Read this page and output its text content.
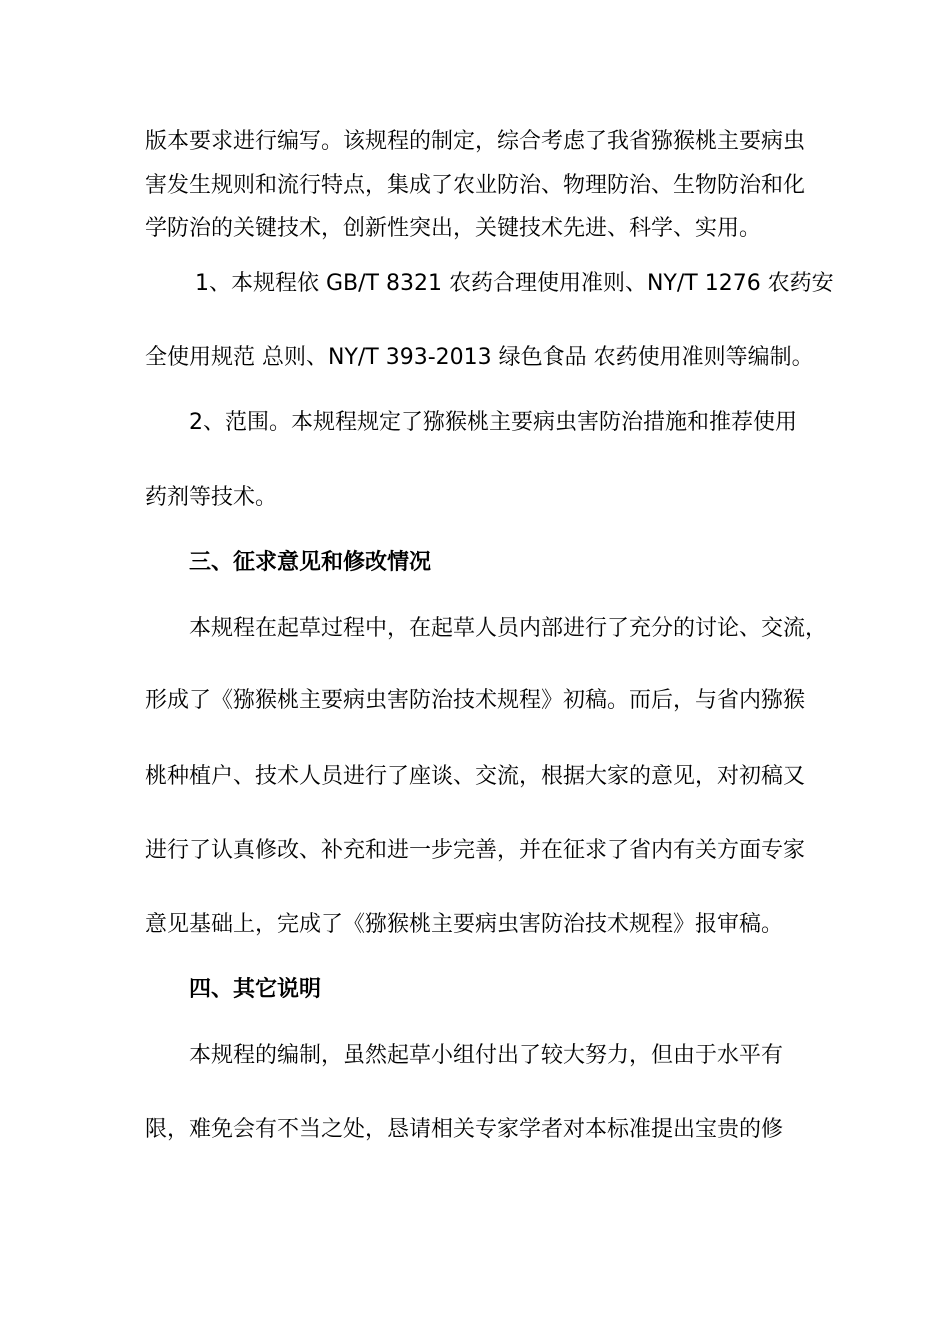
版本要求进行编写。该规程的制定，综合考虑了我省猕猴桃主要病虫

害发生规则和流行特点，集成了农业防治、物理防治、生物防治和化

学防治的关键技术，创新性突出，关键技术先进、科学、实用。

1、本规程依 GB/T 8321 农药合理使用准则、NY/T 1276 农药安

全使用规范 总则、NY/T 393-2013 绿色食品 农药使用准则等编制。

2、范围。本规程规定了猕猴桃主要病虫害防治措施和推荐使用

药剂等技术。

三、征求意见和修改情况

本规程在起草过程中，在起草人员内部进行了充分的讨论、交流，

形成了《猕猴桃主要病虫害防治技术规程》初稿。而后，与省内猕猴

桃种植户、技术人员进行了座谈、交流，根据大家的意见，对初稿又

进行了认真修改、补充和进一步完善，并在征求了省内有关方面专家

意见基础上，完成了《猕猴桃主要病虫害防治技术规程》报审稿。

四、其它说明

本规程的编制，虽然起草小组付出了较大努力，但由于水平有

限，难免会有不当之处，恳请相关专家学者对本标准提出宝贵的修
